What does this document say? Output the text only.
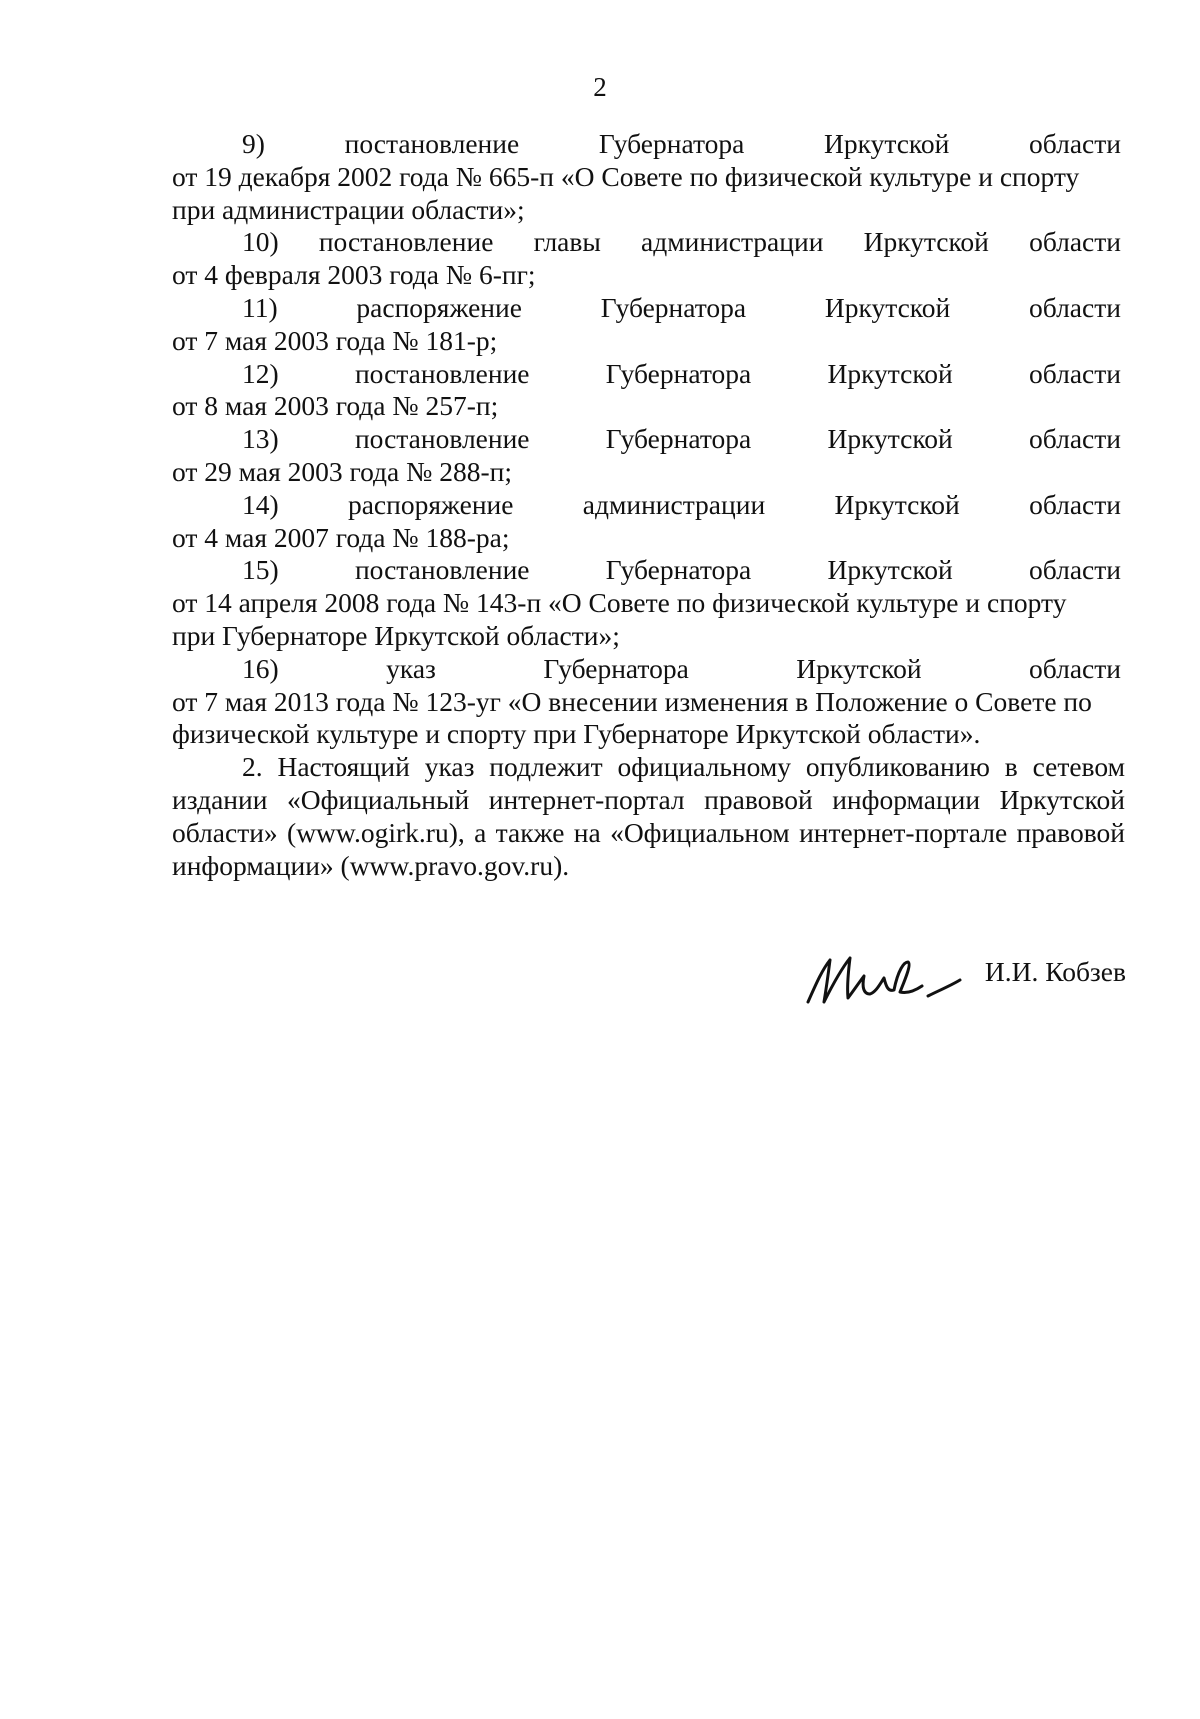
2
9)	постановление	Губернатора	Иркутской	области
от 19 декабря 2002 года № 665-п «О Совете по физической культуре и спорту
при администрации области»;
10) постановление главы администрации Иркутской области
от 4 февраля 2003 года № 6-пг;
11)	распоряжение	Губернатора	Иркутской	области
от 7 мая 2003 года № 181-р;
12)	постановление	Губернатора	Иркутской	области
от 8 мая 2003 года № 257-п;
13)	постановление	Губернатора	Иркутской	области
от 29 мая 2003 года № 288-п;
14)	распоряжение	администрации	Иркутской	области
от 4 мая 2007 года № 188-ра;
15)	постановление	Губернатора	Иркутской	области
от 14 апреля 2008 года № 143-п «О Совете по физической культуре и спорту
при Губернаторе Иркутской области»;
16)	указ	Губернатора	Иркутской	области
от 7 мая 2013 года № 123-уг «О внесении изменения в Положение о Совете по
физической культуре и спорту при Губернаторе Иркутской области».

2. Настоящий указ подлежит официальному опубликованию в сетевом издании «Официальный интернет-портал правовой информации Иркутской области» (www.ogirk.ru), а также на «Официальном интернет-портале правовой информации» (www.pravo.gov.ru).

И.И. Кобзев
